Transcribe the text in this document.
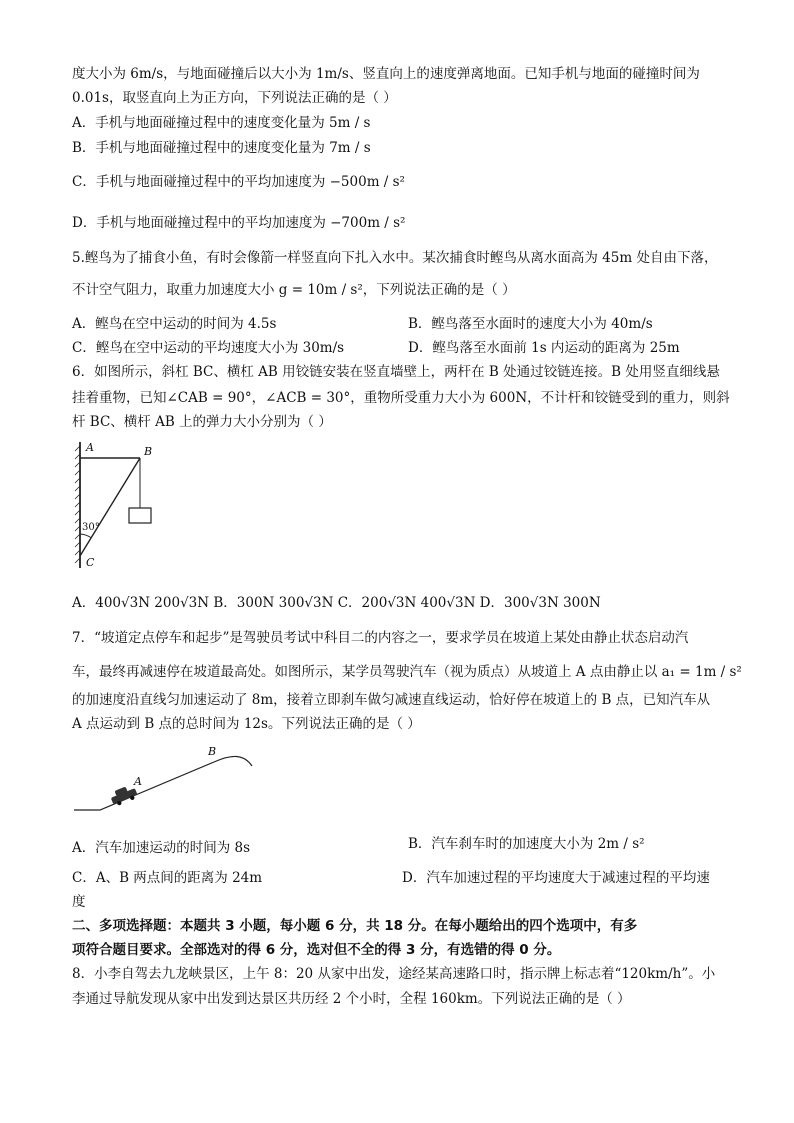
度大小为 6m/s，与地面碰撞后以大小为 1m/s、竖直向上的速度弹离地面。已知手机与地面的碰撞时间为
0.01s，取竖直向上为正方向，下列说法正确的是（ ）
A．手机与地面碰撞过程中的速度变化量为 5m / s
B．手机与地面碰撞过程中的速度变化量为 7m / s
C．手机与地面碰撞过程中的平均加速度为 −500m / s²
D．手机与地面碰撞过程中的平均加速度为 −700m / s²
5.鲣鸟为了捕食小鱼，有时会像箭一样竖直向下扎入水中。某次捕食时鲣鸟从离水面高为 45m 处自由下落，
不计空气阻力，取重力加速度大小 g = 10m / s²，下列说法正确的是（ ）
A．鲣鸟在空中运动的时间为 4.5s	B．鲣鸟落至水面时的速度大小为 40m/s
C．鲣鸟在空中运动的平均速度大小为 30m/s	D．鲣鸟落至水面前 1s 内运动的距离为 25m
6．如图所示，斜杠 BC、横杠 AB 用铰链安装在竖直墙壁上，两杆在 B 处通过铰链连接。B 处用竖直细线悬
挂着重物，已知∠CAB = 90°，∠ACB = 30°，重物所受重力大小为 600N，不计杆和铰链受到的重力，则斜
杆 BC、横杆 AB 上的弹力大小分别为（ ）
A	B
C
30°
A．400√3N 200√3N B．300N 300√3N C．200√3N 400√3N D．300√3N 300N
7．“坡道定点停车和起步”是驾驶员考试中科目二的内容之一，要求学员在坡道上某处由静止状态启动汽
车，最终再减速停在坡道最高处。如图所示，某学员驾驶汽车（视为质点）从坡道上 A 点由静止以 a₁ = 1m / s²
的加速度沿直线匀加速运动了 8m，接着立即刹车做匀减速直线运动，恰好停在坡道上的 B 点，已知汽车从
A 点运动到 B 点的总时间为 12s。下列说法正确的是（ ）
A
B
A．汽车加速运动的时间为 8s	B．汽车刹车时的加速度大小为 2m / s²
C．A、B 两点间的距离为 24m	D．汽车加速过程的平均速度大于减速过程的平均速
度
二、多项选择题：本题共 3 小题，每小题 6 分，共 18 分。在每小题给出的四个选项中，有多
项符合题目要求。全部选对的得 6 分，选对但不全的得 3 分，有选错的得 0 分。
8．小李自驾去九龙峡景区，上午 8：20 从家中出发，途经某高速路口时，指示牌上标志着“120km/h”。小
李通过导航发现从家中出发到达景区共历经 2 个小时，全程 160km。下列说法正确的是（ ）
